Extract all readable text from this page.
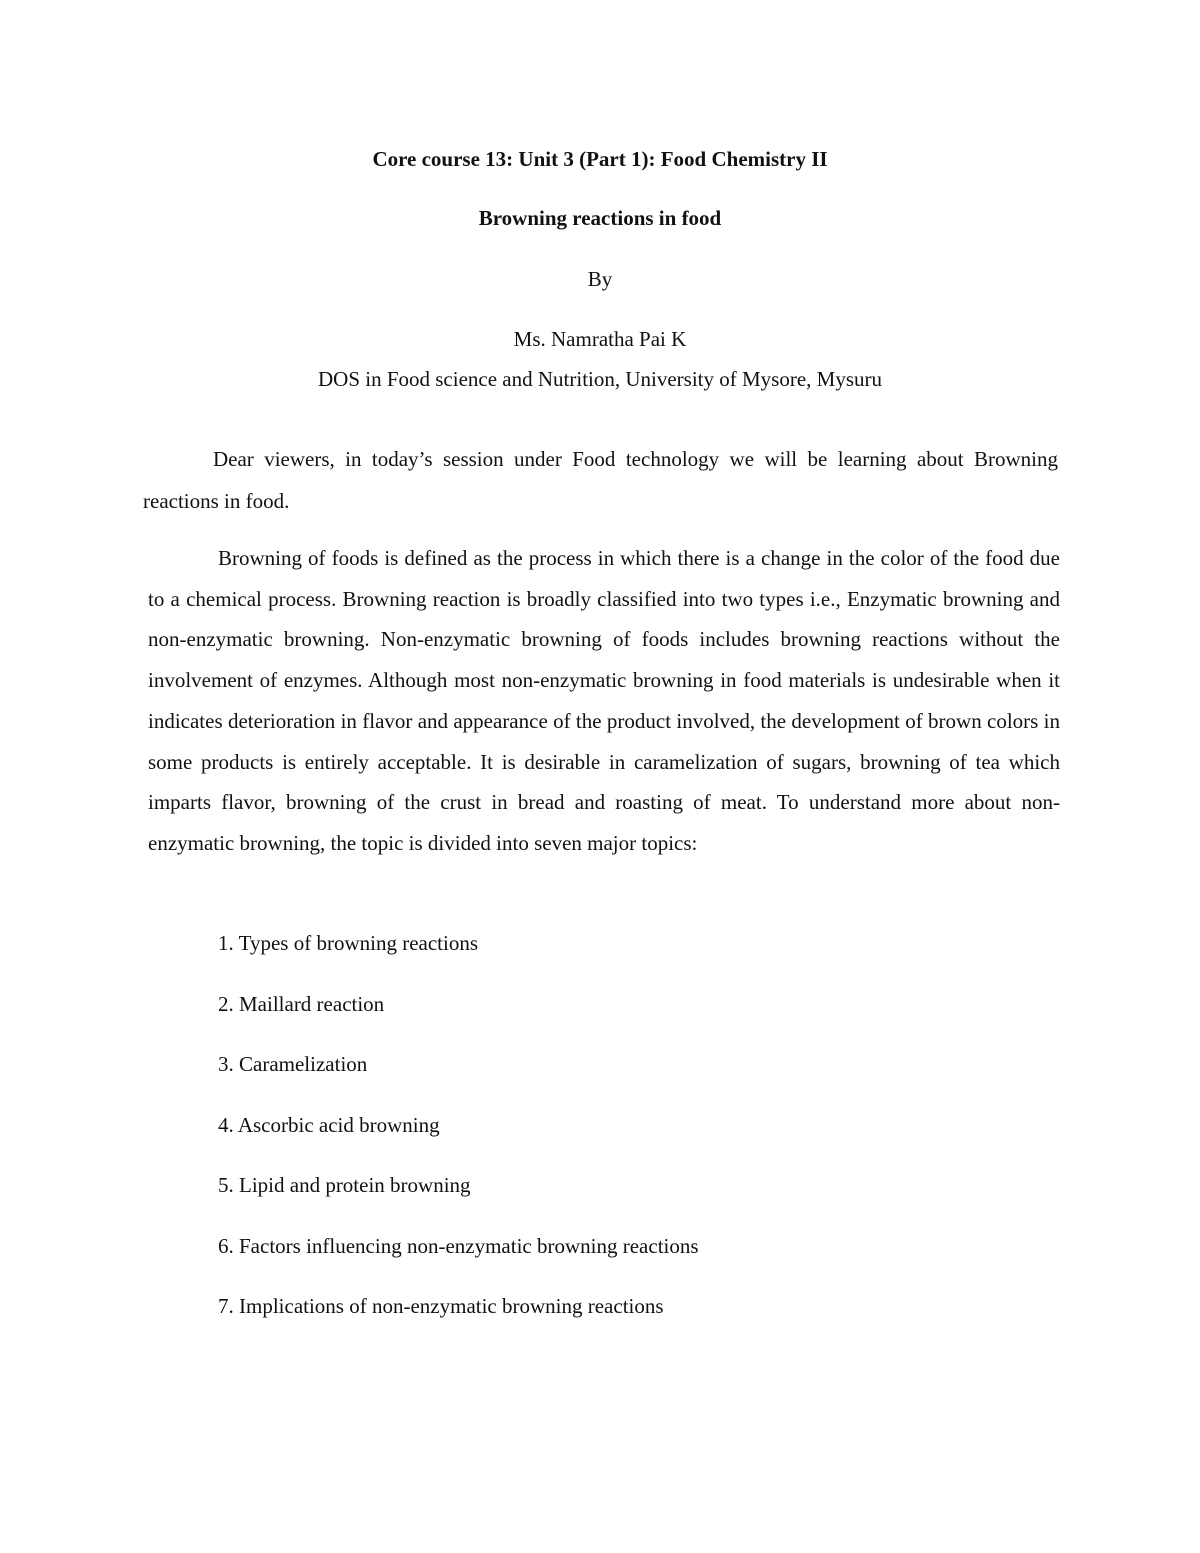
Core course 13: Unit 3 (Part 1): Food Chemistry II
Browning reactions in food
By
Ms. Namratha Pai K
DOS in Food science and Nutrition, University of Mysore, Mysuru

Dear viewers, in today’s session under Food technology we will be learning about Browning reactions in food.

Browning of foods is defined as the process in which there is a change in the color of the food due to a chemical process. Browning reaction is broadly classified into two types i.e., Enzymatic browning and non-enzymatic browning. Non-enzymatic browning of foods includes browning reactions without the involvement of enzymes. Although most non-enzymatic browning in food materials is undesirable when it indicates deterioration in flavor and appearance of the product involved, the development of brown colors in some products is entirely acceptable. It is desirable in caramelization of sugars, browning of tea which imparts flavor, browning of the crust in bread and roasting of meat. To understand more about non-enzymatic browning, the topic is divided into seven major topics:

1. Types of browning reactions
2. Maillard reaction
3. Caramelization
4. Ascorbic acid browning
5. Lipid and protein browning
6. Factors influencing non-enzymatic browning reactions
7. Implications of non-enzymatic browning reactions
